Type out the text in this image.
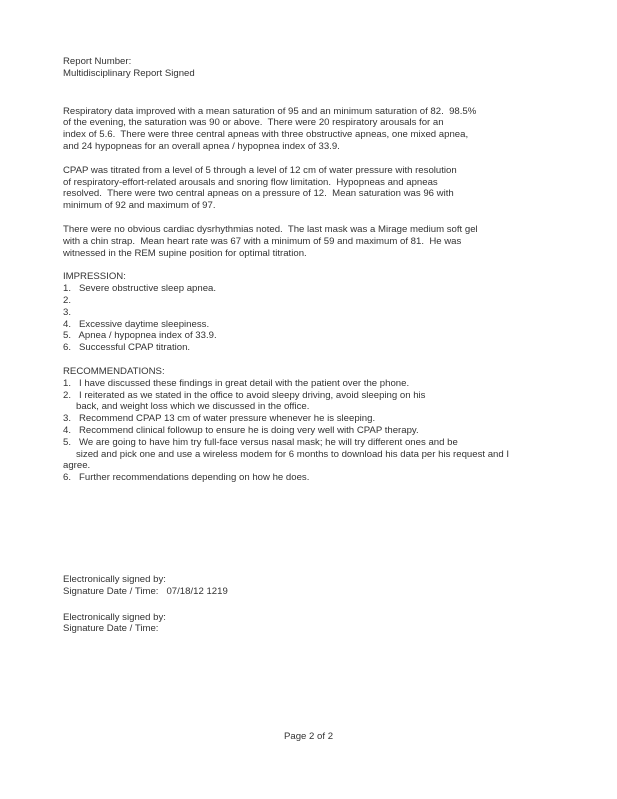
Report Number:
Multidisciplinary Report Signed
Respiratory data improved with a mean saturation of 95 and an minimum saturation of 82.  98.5%
of the evening, the saturation was 90 or above.  There were 20 respiratory arousals for an
index of 5.6.  There were three central apneas with three obstructive apneas, one mixed apnea,
and 24 hypopneas for an overall apnea / hypopnea index of 33.9.
CPAP was titrated from a level of 5 through a level of 12 cm of water pressure with resolution
of respiratory-effort-related arousals and snoring flow limitation.  Hypopneas and apneas
resolved.  There were two central apneas on a pressure of 12.  Mean saturation was 96 with
minimum of 92 and maximum of 97.
There were no obvious cardiac dysrhythmias noted.  The last mask was a Mirage medium soft gel
with a chin strap.  Mean heart rate was 67 with a minimum of 59 and maximum of 81.  He was
witnessed in the REM supine position for optimal titration.
IMPRESSION:
1.   Severe obstructive sleep apnea.
2.
3.
4.   Excessive daytime sleepiness.
5.   Apnea / hypopnea index of 33.9.
6.   Successful CPAP titration.
RECOMMENDATIONS:
1.   I have discussed these findings in great detail with the patient over the phone.
2.   I reiterated as we stated in the office to avoid sleepy driving, avoid sleeping on his
back, and weight loss which we discussed in the office.
3.   Recommend CPAP 13 cm of water pressure whenever he is sleeping.
4.   Recommend clinical followup to ensure he is doing very well with CPAP therapy.
5.   We are going to have him try full-face versus nasal mask; he will try different ones and be
sized and pick one and use a wireless modem for 6 months to download his data per his request and I
agree.
6.   Further recommendations depending on how he does.
Electronically signed by:
Signature Date / Time:   07/18/12 1219
Electronically signed by:
Signature Date / Time:
Page 2 of 2
